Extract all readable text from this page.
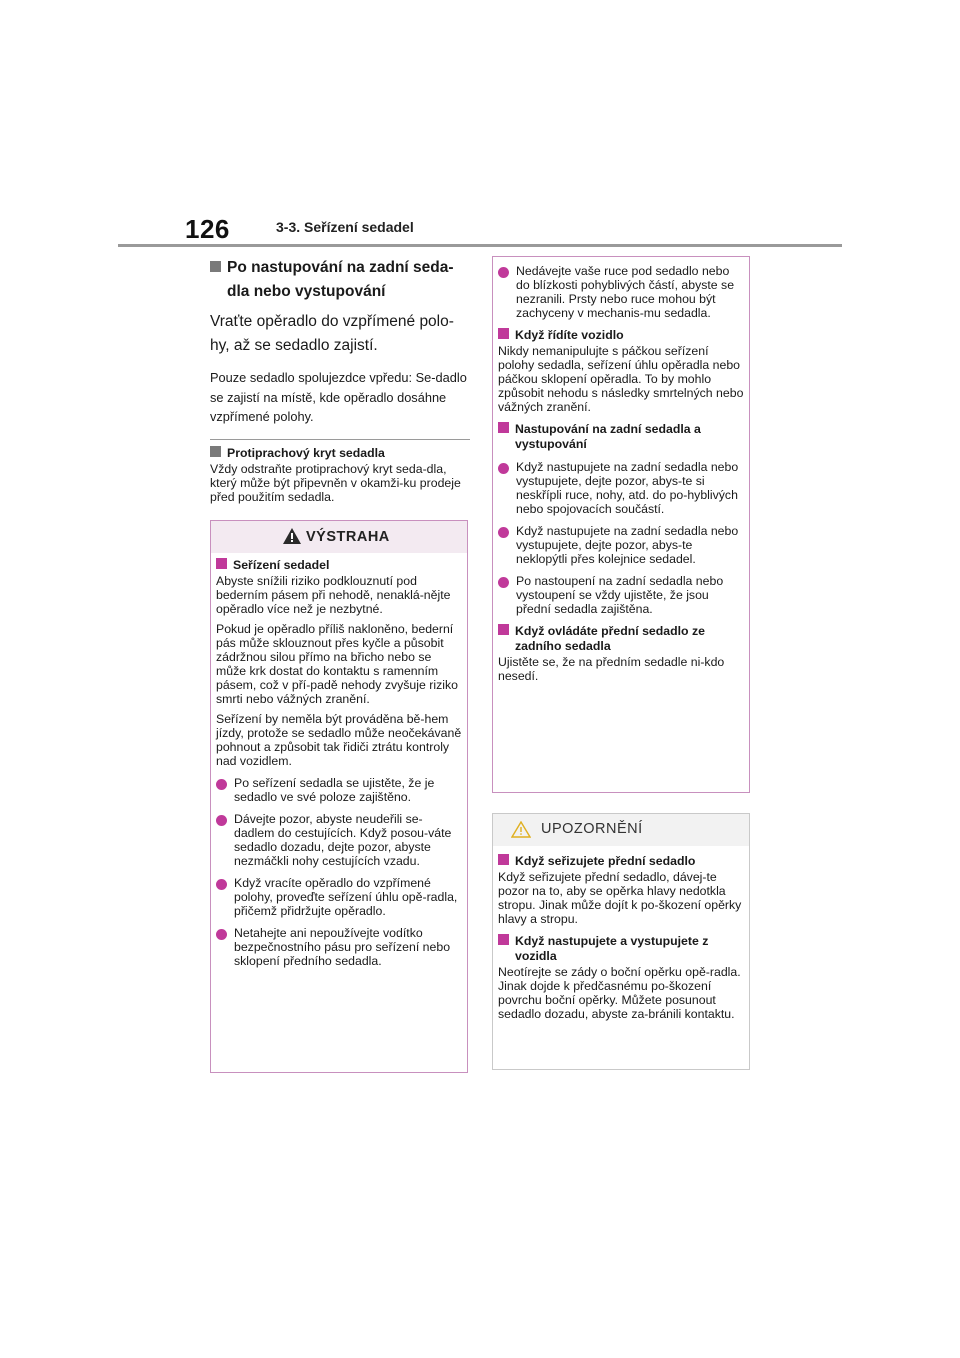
126	3-3. Seřízení sedadel

Po nastupování na zadní seda-dla nebo vystupování

Vraťte opěradlo do vzpřímené polo-hy, až se sedadlo zajistí.

Pouze sedadlo spolujezdce vpředu: Se-dadlo se zajistí na místě, kde opěradlo dosáhne vzpřímené polohy.

Protiprachový kryt sedadla

Vždy odstraňte protiprachový kryt seda-dla, který může být připevněn v okamži-ku prodeje před použitím sedadla.

VÝSTRAHA

Seřízení sedadel

Abyste snížili riziko podklouznutí pod bederním pásem při nehodě, nenaklá-nějte opěradlo více než je nezbytné.

Pokud je opěradlo příliš nakloněno, bederní pás může sklouznout přes kyčle a působit zádržnou silou přímo na břicho nebo se může krk dostat do kontaktu s ramenním pásem, což v pří-padě nehody zvyšuje riziko smrti nebo vážných zranění.

Seřízení by neměla být prováděna bě-hem jízdy, protože se sedadlo může neočekávaně pohnout a způsobit tak řidiči ztrátu kontroly nad vozidlem.

Po seřízení sedadla se ujistěte, že je sedadlo ve své poloze zajištěno.
Dávejte pozor, abyste neudeřili se-dadlem do cestujících. Když posou-váte sedadlo dozadu, dejte pozor, abyste nezmáčkli nohy cestujících vzadu.
Když vracíte opěradlo do vzpřímené polohy, proveďte seřízení úhlu opě-radla, přičemž přidržujte opěradlo.
Netahejte ani nepoužívejte vodítko bezpečnostního pásu pro seřízení nebo sklopení předního sedadla.
Nedávejte vaše ruce pod sedadlo nebo do blízkosti pohyblivých částí, abyste se nezranili. Prsty nebo ruce mohou být zachyceny v mechanis-mu sedadla.

Když řídíte vozidlo

Nikdy nemanipulujte s páčkou seřízení polohy sedadla, seřízení úhlu opěradla nebo páčkou sklopení opěradla. To by mohlo způsobit nehodu s následky smrtelných nebo vážných zranění.

Nastupování na zadní sedadla a vystupování

Když nastupujete na zadní sedadla nebo vystupujete, dejte pozor, abys-te si neskřípli ruce, nohy, atd. do po-hyblivých nebo spojovacích součástí.
Když nastupujete na zadní sedadla nebo vystupujete, dejte pozor, abys-te neklopýtli přes kolejnice sedadel.
Po nastoupení na zadní sedadla nebo vystoupení se vždy ujistěte, že jsou přední sedadla zajištěna.

Když ovládáte přední sedadlo ze zadního sedadla

Ujistěte se, že na předním sedadle ni-kdo nesedí.

UPOZORNĚNÍ

Když seřizujete přední sedadlo

Když seřizujete přední sedadlo, dávej-te pozor na to, aby se opěrka hlavy nedotkla stropu. Jinak může dojít k po-škození opěrky hlavy a stropu.

Když nastupujete a vystupujete z vozidla

Neotírejte se zády o boční opěrku opě-radla. Jinak dojde k předčasnému po-škození povrchu boční opěrky. Můžete posunout sedadlo dozadu, abyste za-bránili kontaktu.
